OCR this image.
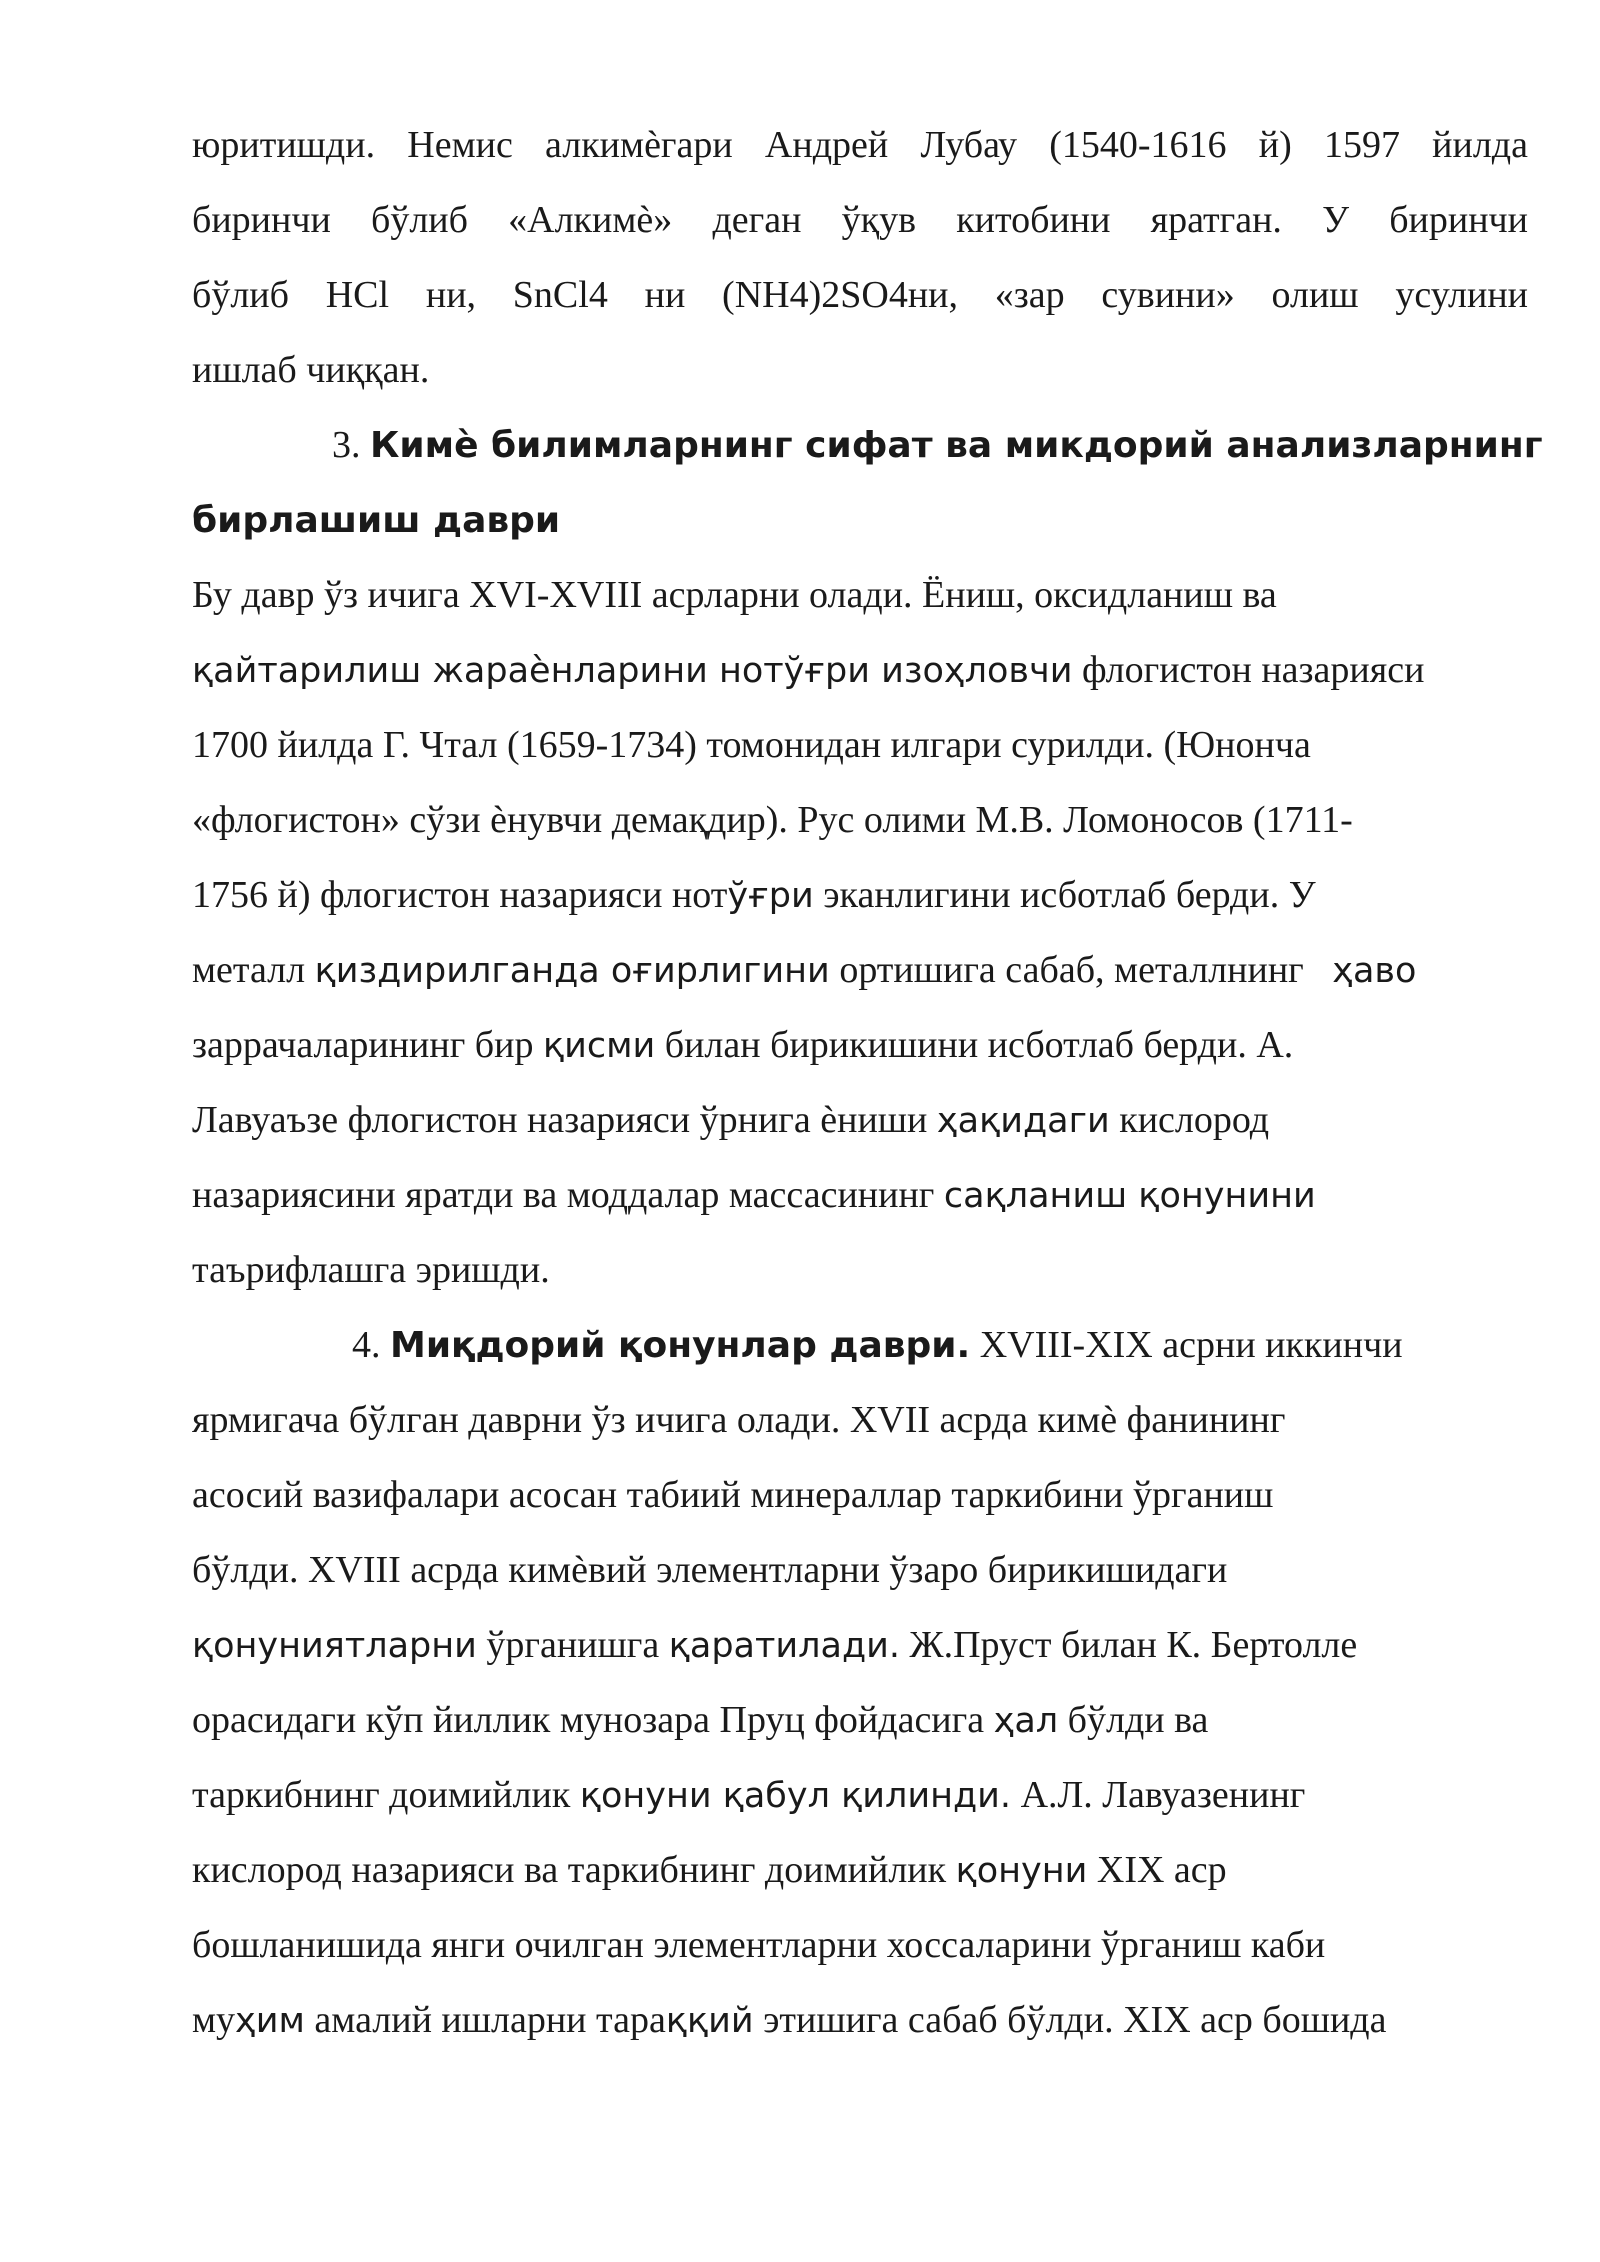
юритишди. Немис алкимѐгари Андрей Лубау (1540-1616 й) 1597 йилда
биринчи бўлиб «Алкимѐ» деган ўқув китобини яратган. У биринчи
бўлиб HCl ни, SnCl4 ни (NH4)2SO4ни, «зар сувини» олиш усулини
ишлаб чиққан.
3. Кимѐ билимларнинг сифат ва микдорий анализларнинг
бирлашиш даври
Бу давр ўз ичига XVI-XVIII асрларни олади. Ёниш, оксидланиш ва
қайтарилиш жараѐнларини нотўғри изоҳловчи флогистон назарияси
1700 йилда Г. Чтал (1659-1734) томонидан илгари сурилди. (Юнонча
«флогистон» сўзи ѐнувчи демақдир). Рус олими М.В. Ломоносов (1711-
1756 й) флогистон назарияси нотўғри эканлигини исботлаб берди. У
металл қиздирилганда оғирлигини ортишига сабаб, металлнинг   ҳаво
заррачаларининг бир қисми билан бирикишини исботлаб берди. А.
Лавуаъзе флогистон назарияси ўрнига ѐниши ҳақидаги кислород
назариясини яратди ва моддалар массасининг сақланиш қонунини
таърифлашга эришди.
4. Миқдорий қонунлар даври. XVIII-XIX асрни иккинчи
ярмигача бўлган даврни ўз ичига олади. XVII асрда кимѐ фанининг
асосий вазифалари асосан табиий минераллар таркибини ўрганиш
бўлди. XVIII асрда кимѐвий элементларни ўзаро бирикишидаги
қонуниятларни ўрганишга қаратилади. Ж.Пруст билан К. Бертолле
орасидаги кўп йиллик мунозара Пруц фойдасига ҳал бўлди ва
таркибнинг доимийлик қонуни қабул қилинди. А.Л. Лавуазенинг
кислород назарияси ва таркибнинг доимийлик қонуни XIX аср
бошланишида янги очилган элементларни хоссаларини ўрганиш каби
муҳим амалий ишларни тараққий этишига сабаб бўлди. XIX аср бошида
